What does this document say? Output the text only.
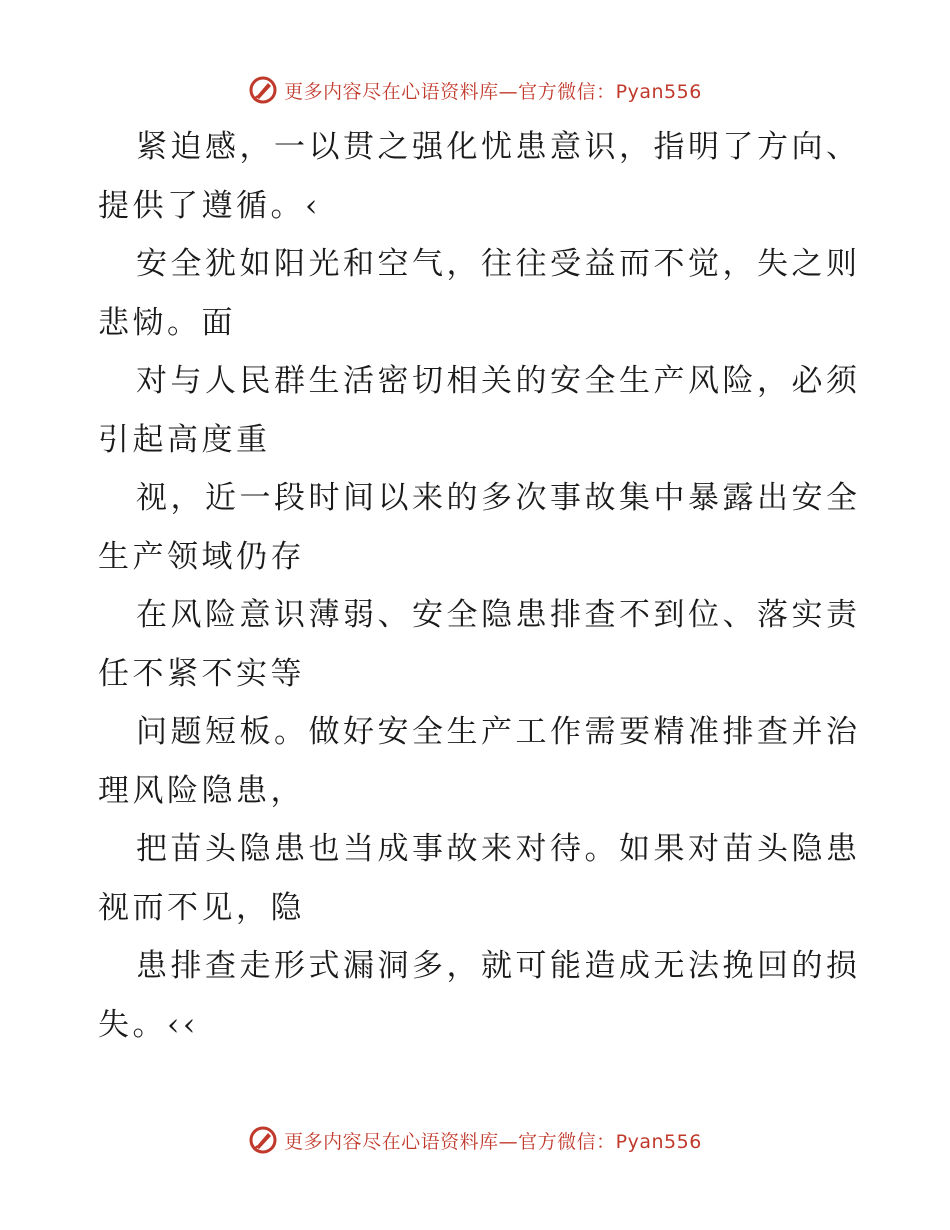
更多内容尽在心语资料库—官方微信：Pyan556

紧迫感，一以贯之强化忧患意识，指明了方向、

提供了遵循。‹

安全犹如阳光和空气，往往受益而不觉，失之则

悲恸。面

对与人民群生活密切相关的安全生产风险，必须

引起高度重

视，近一段时间以来的多次事故集中暴露出安全

生产领域仍存

在风险意识薄弱、安全隐患排查不到位、落实责

任不紧不实等

问题短板。做好安全生产工作需要精准排查并治

理风险隐患，

把苗头隐患也当成事故来对待。如果对苗头隐患

视而不见，隐

患排查走形式漏洞多，就可能造成无法挽回的损

失。‹‹

更多内容尽在心语资料库—官方微信：Pyan556
